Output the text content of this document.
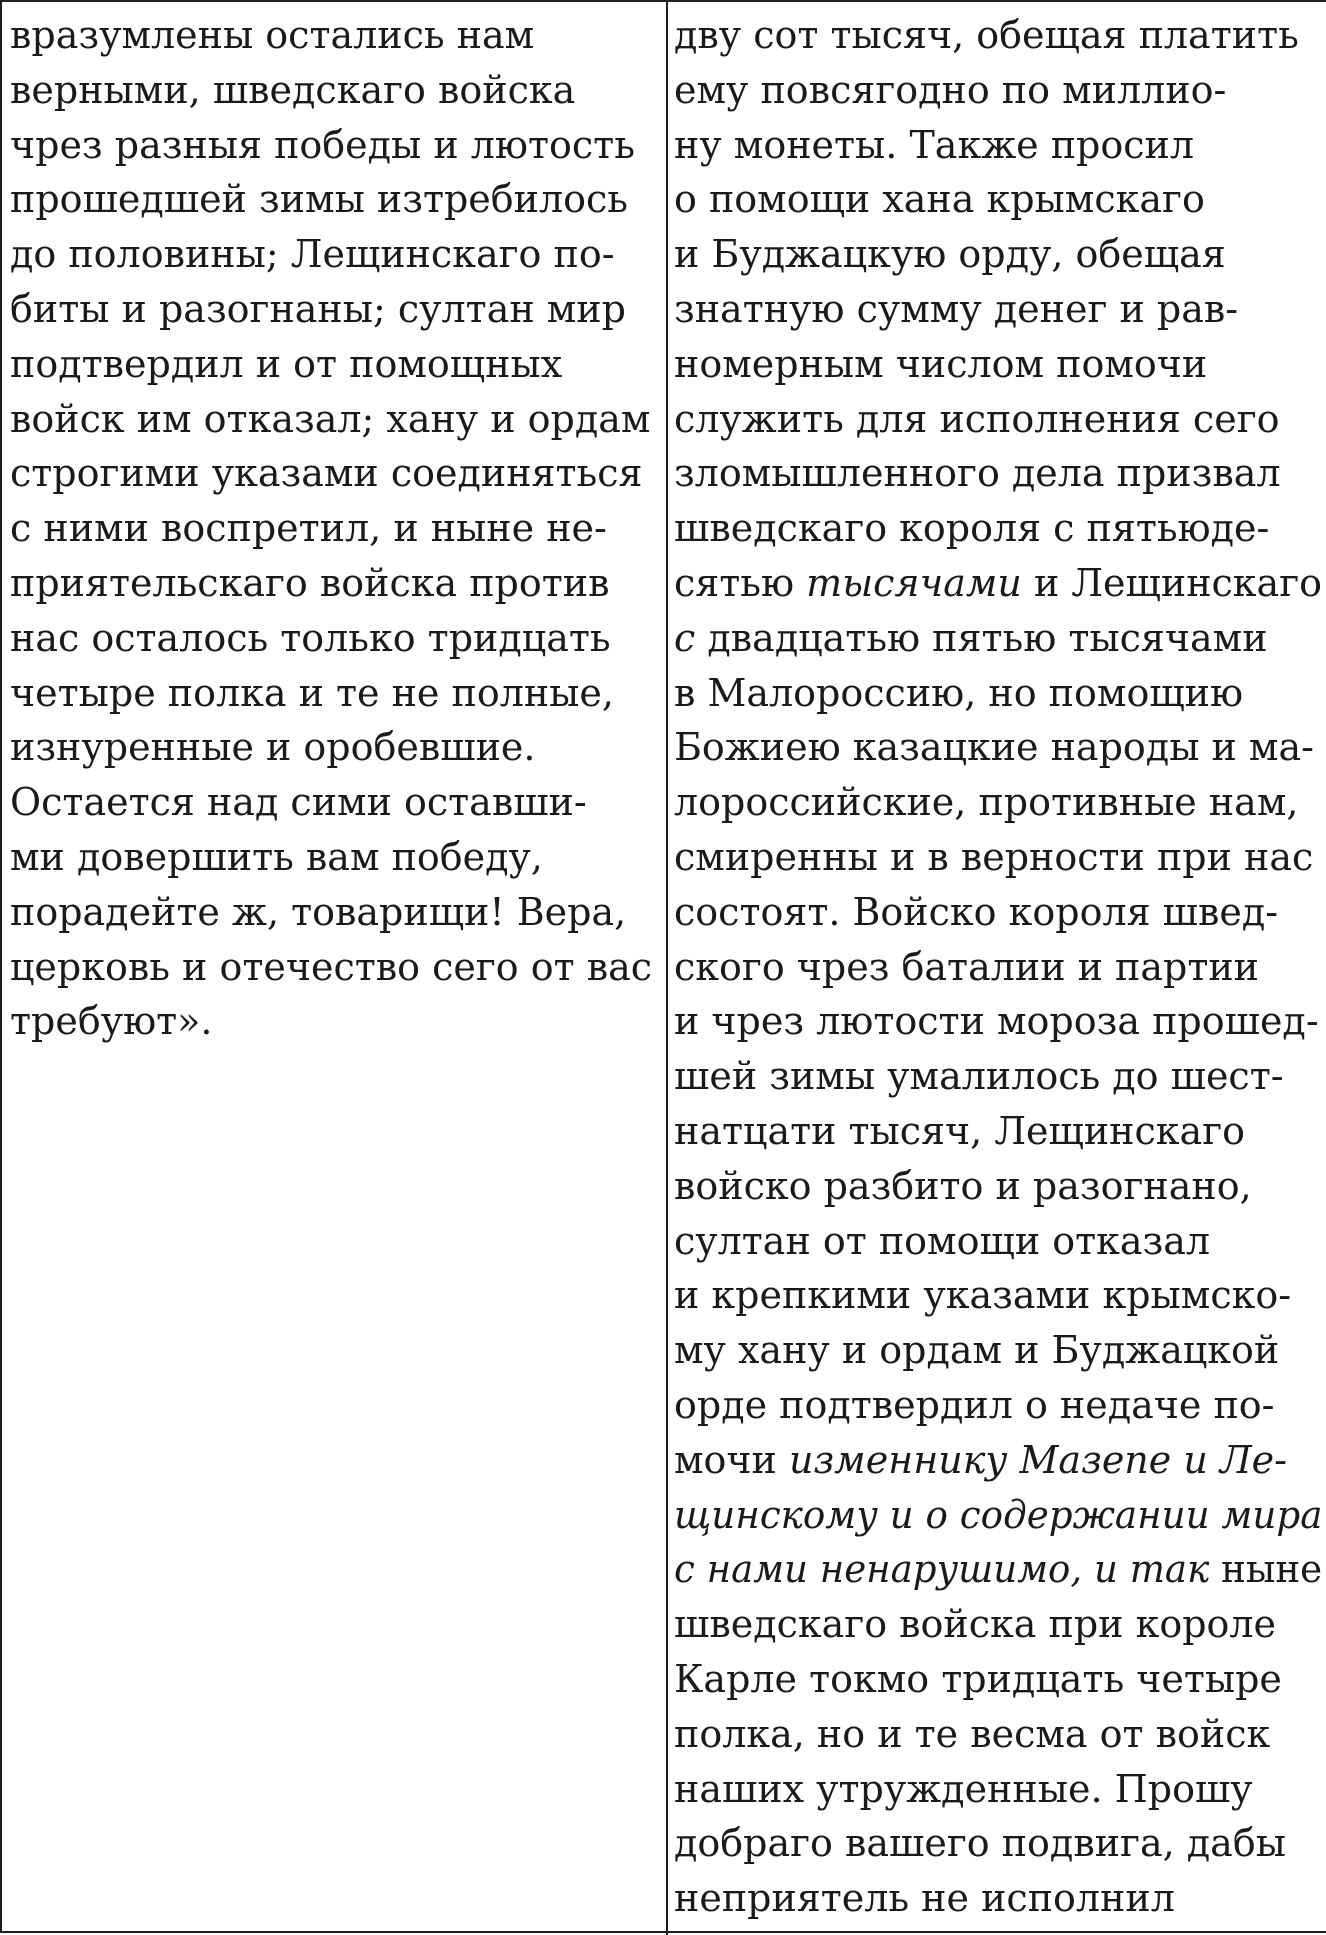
вразумлены остались нам
верными, шведскаго войска
чрез разныя победы и лютость
прошедшей зимы изтребилось
до половины; Лещинскаго по-
биты и разогнаны; султан мир
подтвердил и от помощных
войск им отказал; хану и ордам
строгими указами соединяться
с ними воспретил, и ныне не-
приятельскаго войска против
нас осталось только тридцать
четыре полка и те не полные,
изнуренные и оробевшие.
Остается над сими оставши-
ми довершить вам победу,
порадейте ж, товарищи! Вера,
церковь и отечество сего от вас
требуют».
дву сот тысяч, обещая платить
ему повсягодно по миллио-
ну монеты. Также просил
о помощи хана крымскаго
и Буджацкую орду, обещая
знатную сумму денег и рав-
номерным числом помочи
служить для исполнения сего
зломышленного дела призвал
шведскаго короля с пятьюде-
сятью тысячами и Лещинскаго
с двадцатью пятью тысячами
в Малороссию, но помощию
Божиею казацкие народы и ма-
лороссийские, противные нам,
смиренны и в верности при нас
состоят. Войско короля швед-
ского чрез баталии и партии
и чрез лютости мороза прошед-
шей зимы умалилось до шест-
натцати тысяч, Лещинскаго
войско разбито и разогнано,
султан от помощи отказал
и крепкими указами крымско-
му хану и ордам и Буджацкой
орде подтвердил о недаче по-
мочи изменнику Мазепе и Ле-
щинскому и о содержании мира
с нами ненарушимо, и так ныне
шведскаго войска при короле
Карле токмо тридцать четыре
полка, но и те весма от войск
наших утружденные. Прошу
добраго вашего подвига, дабы
неприятель не исполнил
